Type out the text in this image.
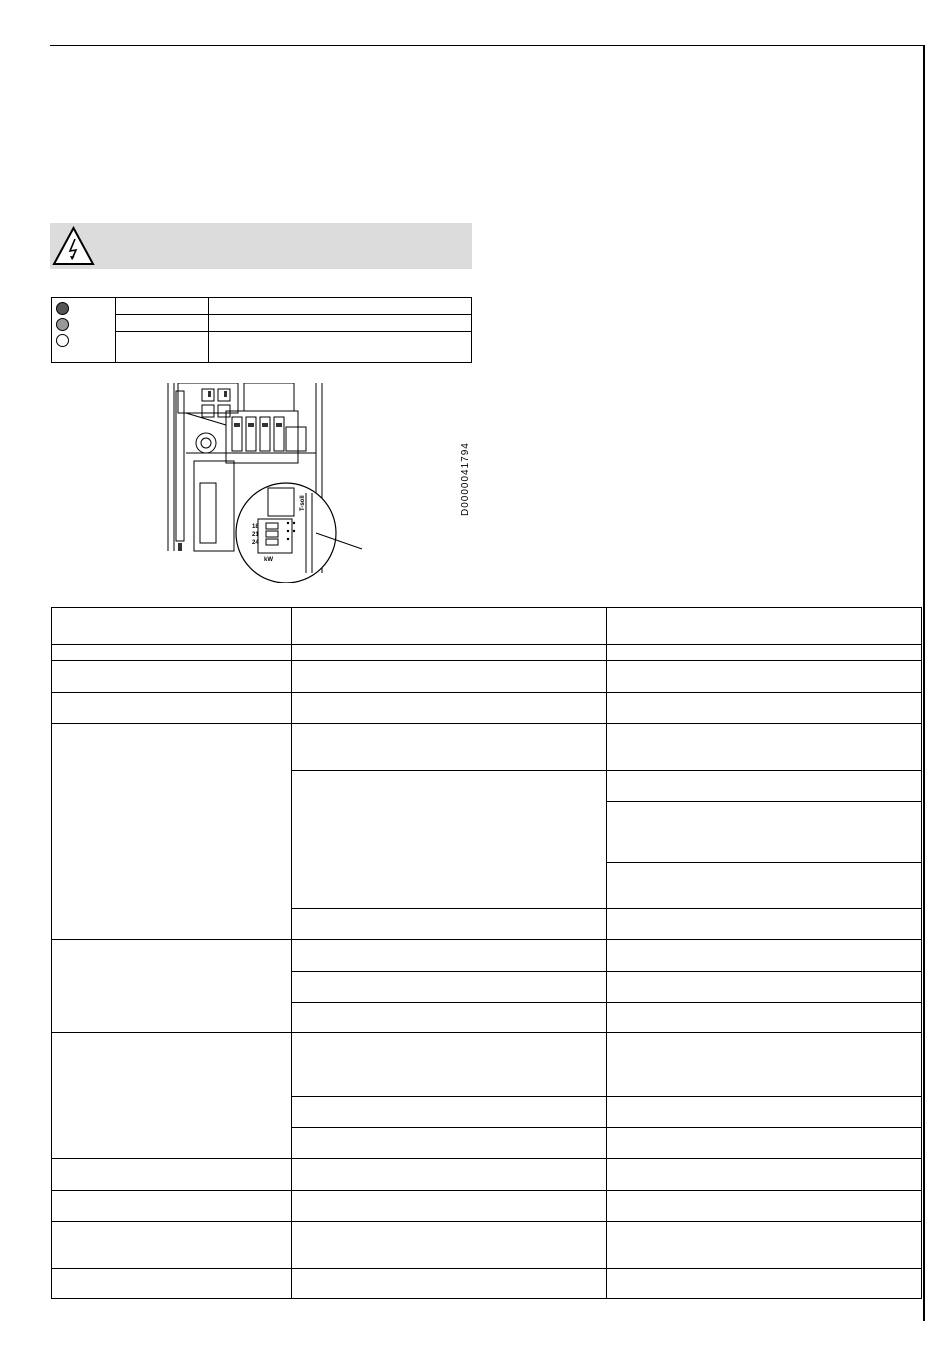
18
21
24
kW
T-soll	D0000041794
